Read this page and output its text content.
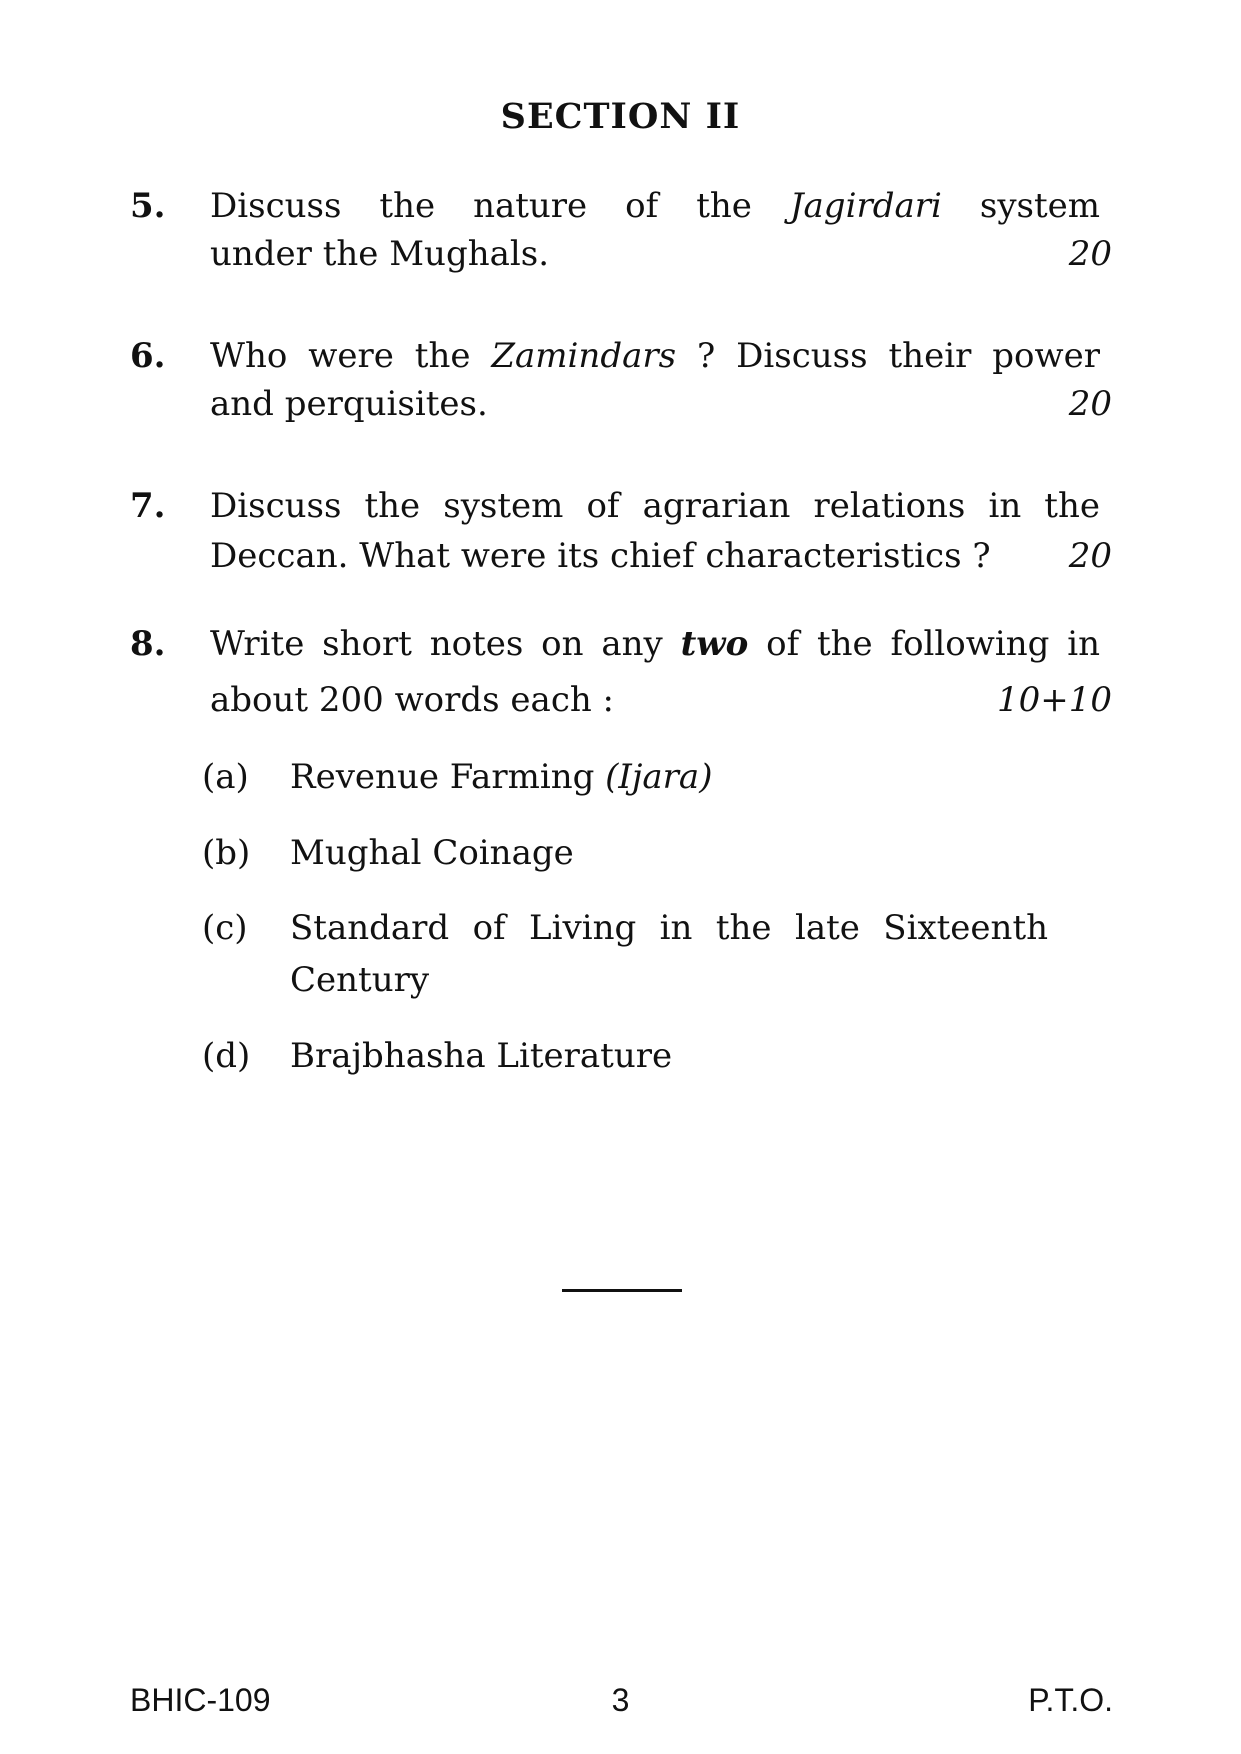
SECTION II
5. Discuss the nature of the Jagirdari system
under the Mughals.	20
6. Who were the Zamindars ? Discuss their power
and perquisites.	20
7. Discuss the system of agrarian relations in the
Deccan. What were its chief characteristics ?	20
8. Write short notes on any two of the following in
about 200 words each :	10+10
(a) Revenue Farming (Ijara)
(b) Mughal Coinage
(c) Standard of Living in the late Sixteenth
Century
(d) Brajbhasha Literature
BHIC-109	3	P.T.O.
